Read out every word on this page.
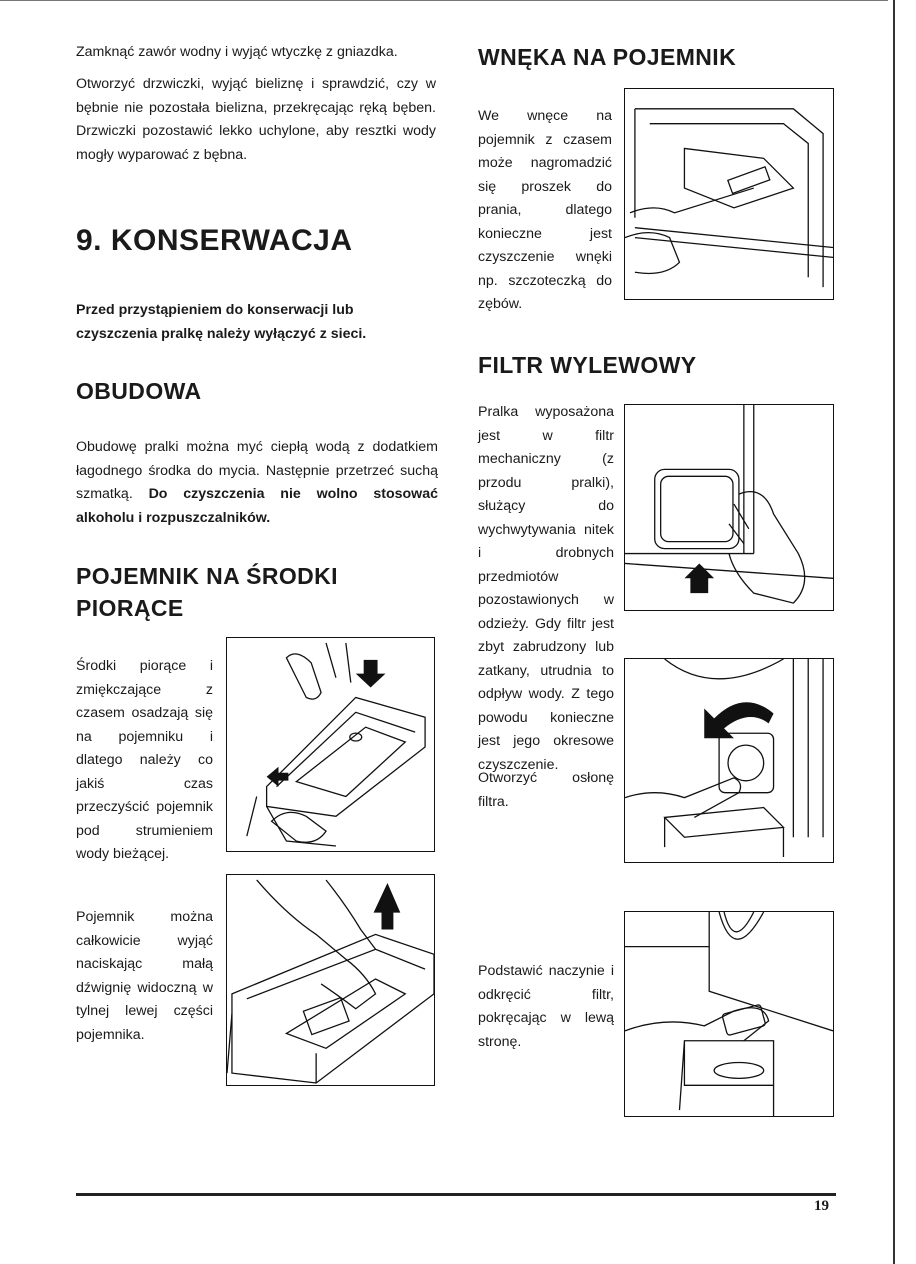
Zamknąć zawór wodny i wyjąć wtyczkę z gniazdka.

Otworzyć drzwiczki, wyjąć bieliznę i sprawdzić, czy w bębnie nie pozostała bielizna, przekręcając ręką bęben. Drzwiczki pozostawić lekko uchylone, aby resztki wody mogły wyparować z bębna.

9. KONSERWACJA

Przed przystąpieniem do konserwacji lub czyszczenia pralkę należy wyłączyć z sieci.

OBUDOWA

Obudowę pralki można myć ciepłą wodą z dodatkiem łagodnego środka do mycia. Następnie przetrzeć suchą szmatką. Do czyszczenia nie wolno stosować alkoholu i rozpuszczalników.

POJEMNIK NA ŚRODKI
PIORĄCE

Środki piorące i zmiękczające z czasem osadzają się na pojemniku i dlatego należy co jakiś czas przeczyścić pojemnik pod strumieniem wody bieżącej.

Pojemnik można całkowicie wyjąć naciskając małą dźwignię widoczną w tylnej lewej części pojemnika.

WNĘKA NA POJEMNIK

We wnęce na pojemnik z czasem może nagromadzić się proszek do prania, dlatego konieczne jest czyszczenie wnęki np. szczoteczką do zębów.

FILTR WYLEWOWY

Pralka wyposażona jest w filtr mechaniczny (z przodu pralki), służący do wychwytywania nitek i drobnych przedmiotów pozostawionych w odzieży. Gdy filtr jest zbyt zabrudzony lub zatkany, utrudnia to odpływ wody. Z tego powodu konieczne jest jego okresowe czyszczenie.

Otworzyć osłonę filtra.

Podstawić naczynie i odkręcić filtr, pokręcając w lewą stronę.

19
